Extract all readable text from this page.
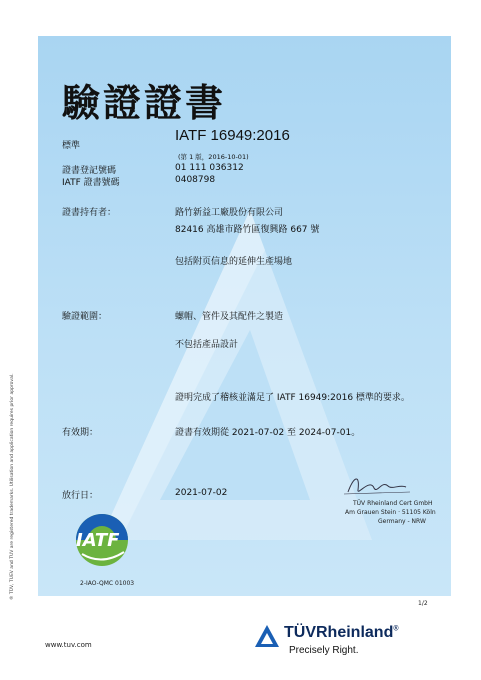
驗證證書
標準
IATF 16949:2016
(第 1 版，2016-10-01)
證書登記號碼	01 111 036312
IATF 證書號碼	0408798
證書持有者：	路竹新益工廠股份有限公司
82416 高雄市路竹區復興路 667 號
包括附页信息的延伸生產場地
驗證範圍：	螺帽、管件及其配件之製造
不包括產品設計
證明完成了稽核並滿足了 IATF 16949:2016 標準的要求。
有效期：	證書有效期從 2021-07-02 至 2024-07-01。
放行日：	2021-07-02
TÜV Rheinland Cert GmbH
Am Grauen Stein · 51105 Köln
Germany - NRW
IATF
2-IAO-QMC 01003
1/2
® TÜV, TUEV and TUV are registered trademarks. Utilisation and application requires prior approval.
www.tuv.com
TÜVRheinland®
Precisely Right.
